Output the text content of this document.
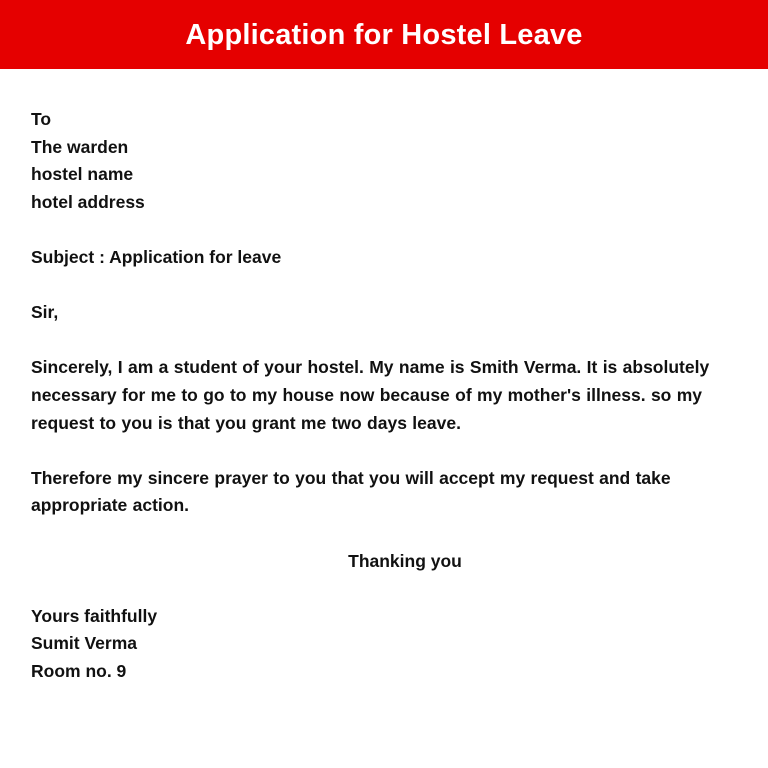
Application for Hostel Leave
To
The warden
hostel name
hotel address
Subject : Application for leave
Sir,
Sincerely, I am a student of your hostel. My name is Smith Verma. It is absolutely necessary for me to go to my house now because of my mother's illness. so my request to you is that you grant me two days leave.
Therefore my sincere prayer to you that you will accept my request and take appropriate action.
Thanking you
Yours faithfully
Sumit Verma
Room no. 9
